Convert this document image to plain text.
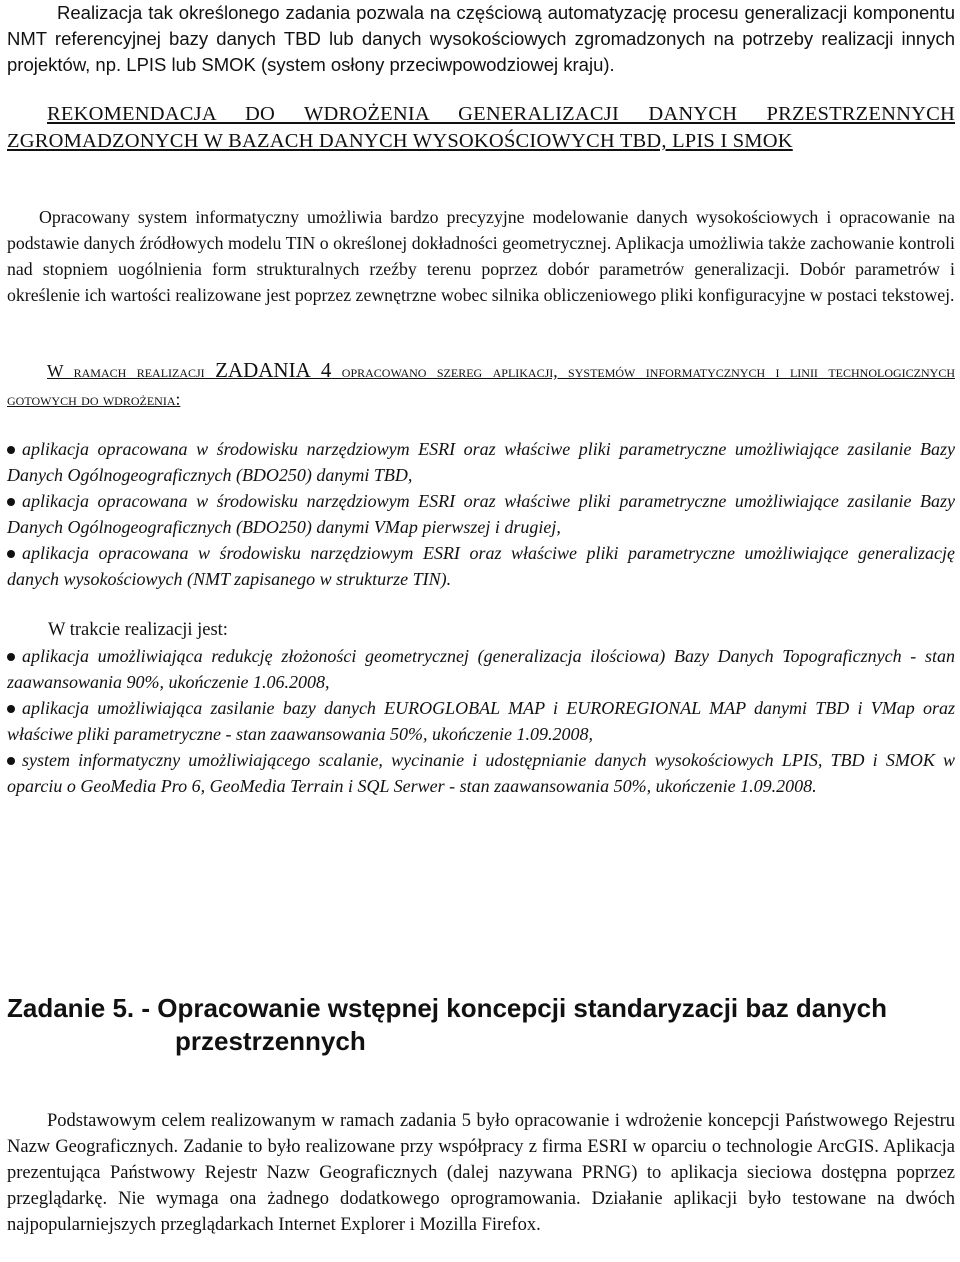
Realizacja tak określonego zadania pozwala na częściową automatyzację procesu generalizacji komponentu NMT referencyjnej bazy danych TBD lub danych wysokościowych zgromadzonych na potrzeby realizacji innych projektów, np. LPIS lub SMOK (system osłony przeciwpowodziowej kraju).

REKOMENDACJA DO WDROŻENIA GENERALIZACJI DANYCH PRZESTRZENNYCH ZGROMADZONYCH W BAZACH DANYCH WYSOKOŚCIOWYCH TBD, LPIS I SMOK

Opracowany system informatyczny umożliwia bardzo precyzyjne modelowanie danych wysokościowych i opracowanie na podstawie danych źródłowych modelu TIN o określonej dokładności geometrycznej. Aplikacja umożliwia także zachowanie kontroli nad stopniem uogólnienia form strukturalnych rzeźby terenu poprzez dobór parametrów generalizacji. Dobór parametrów i określenie ich wartości realizowane jest poprzez zewnętrzne wobec silnika obliczeniowego pliki konfiguracyjne w postaci tekstowej.

W ramach realizacji ZADANIA 4 opracowano szereg aplikacji, systemów informatycznych i linii technologicznych gotowych do wdrożenia:

aplikacja opracowana w środowisku narzędziowym ESRI oraz właściwe pliki parametryczne umożliwiające zasilanie Bazy Danych Ogólnogeograficznych (BDO250) danymi TBD,

aplikacja opracowana w środowisku narzędziowym ESRI oraz właściwe pliki parametryczne umożliwiające zasilanie Bazy Danych Ogólnogeograficznych (BDO250) danymi VMap pierwszej i drugiej,

aplikacja opracowana w środowisku narzędziowym ESRI oraz właściwe pliki parametryczne umożliwiające generalizację danych wysokościowych (NMT zapisanego w strukturze TIN).

W trakcie realizacji jest:

aplikacja umożliwiająca redukcję złożoności geometrycznej (generalizacja ilościowa) Bazy Danych Topograficznych - stan zaawansowania 90%, ukończenie 1.06.2008,

aplikacja umożliwiająca zasilanie bazy danych EUROGLOBAL MAP i EUROREGIONAL MAP danymi TBD i VMap oraz właściwe pliki parametryczne - stan zaawansowania 50%, ukończenie 1.09.2008,

system informatyczny umożliwiającego scalanie, wycinanie i udostępnianie danych wysokościowych LPIS, TBD i SMOK w oparciu o GeoMedia Pro 6, GeoMedia Terrain i SQL Serwer - stan zaawansowania 50%, ukończenie 1.09.2008.

Zadanie 5. - Opracowanie wstępnej koncepcji standaryzacji baz danych
przestrzennych

Podstawowym celem realizowanym w ramach zadania 5 było opracowanie i wdrożenie koncepcji Państwowego Rejestru Nazw Geograficznych. Zadanie to było realizowane przy współpracy z firma ESRI w oparciu o technologie ArcGIS. Aplikacja prezentująca Państwowy Rejestr Nazw Geograficznych (dalej nazywana PRNG) to aplikacja sieciowa dostępna poprzez przeglądarkę. Nie wymaga ona żadnego dodatkowego oprogramowania. Działanie aplikacji było testowane na dwóch najpopularniejszych przeglądarkach Internet Explorer i Mozilla Firefox.
